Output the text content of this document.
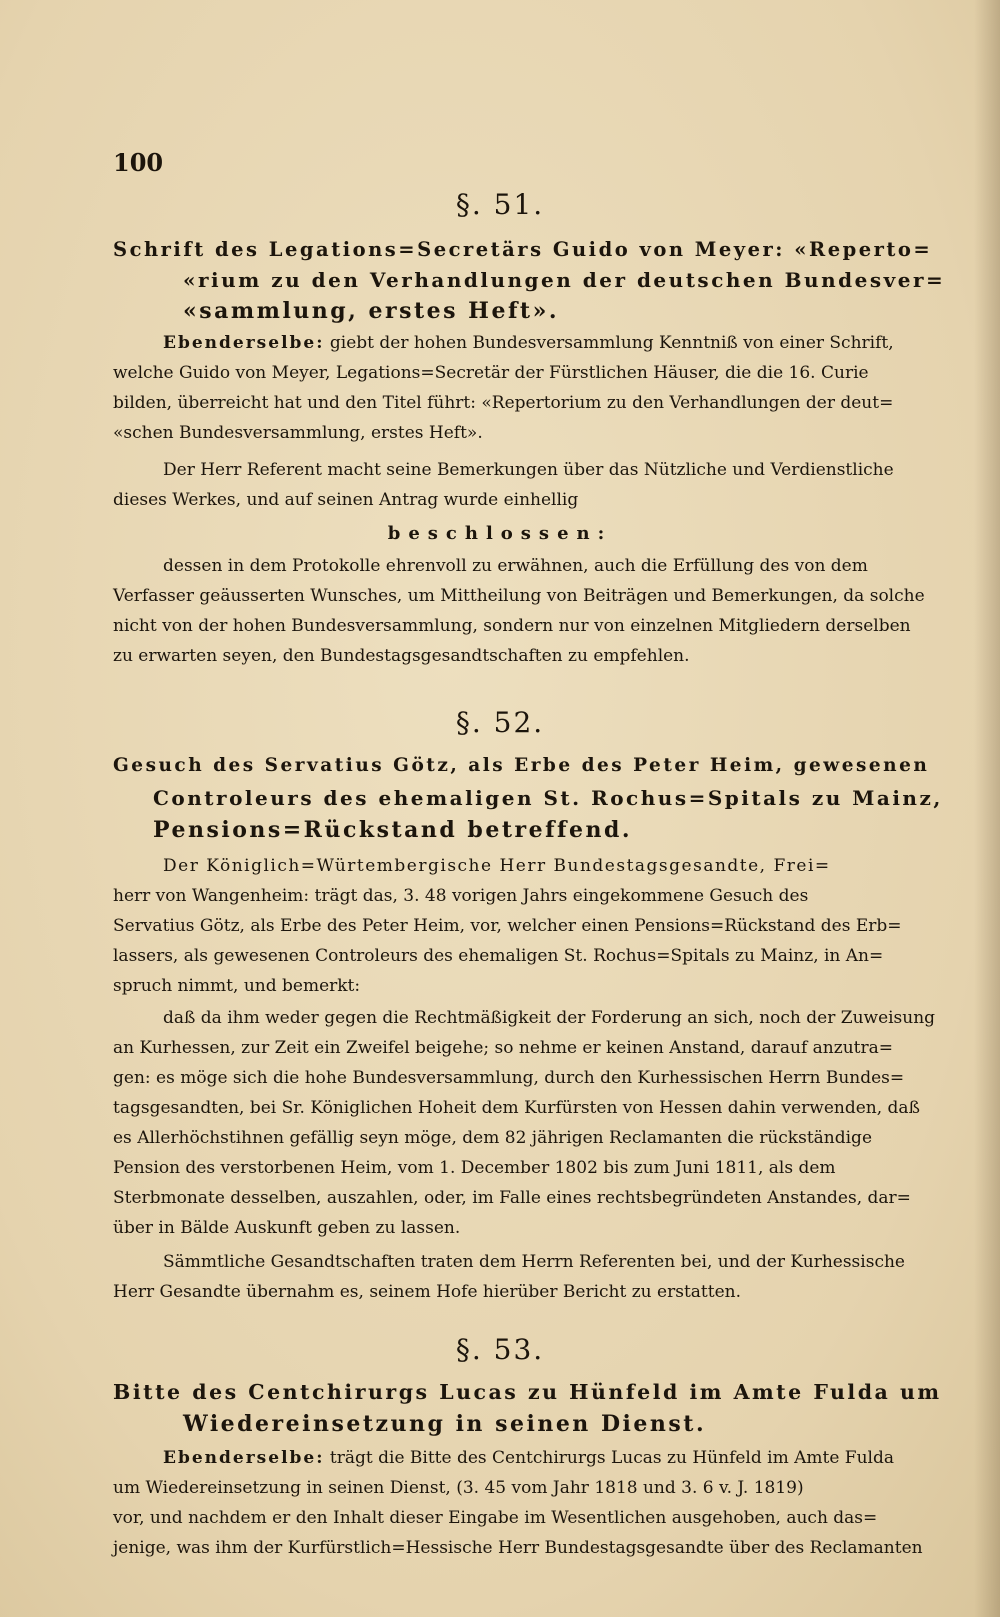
100
§. 51.
Schrift des Legations=Secretärs Guido von Meyer: «Reperto=
«rium zu den Verhandlungen der deutschen Bundesver=
«sammlung, erstes Heft».
Ebenderselbe: giebt der hohen Bundesversammlung Kenntniß von einer Schrift,
welche Guido von Meyer, Legations=Secretär der Fürstlichen Häuser, die die 16. Curie
bilden, überreicht hat und den Titel führt: «Repertorium zu den Verhandlungen der deut=
«schen Bundesversammlung, erstes Heft».
Der Herr Referent macht seine Bemerkungen über das Nützliche und Verdienstliche
dieses Werkes, und auf seinen Antrag wurde einhellig
beschlossen:
dessen in dem Protokolle ehrenvoll zu erwähnen, auch die Erfüllung des von dem
Verfasser geäusserten Wunsches, um Mittheilung von Beiträgen und Bemerkungen, da solche
nicht von der hohen Bundesversammlung, sondern nur von einzelnen Mitgliedern derselben
zu erwarten seyen, den Bundestagsgesandtschaften zu empfehlen.
§. 52.
Gesuch des Servatius Götz, als Erbe des Peter Heim, gewesenen
Controleurs des ehemaligen St. Rochus=Spitals zu Mainz,
Pensions=Rückstand betreffend.
Der Königlich=Würtembergische Herr Bundestagsgesandte, Frei=
herr von Wangenheim: trägt das, 3. 48 vorigen Jahrs eingekommene Gesuch des
Servatius Götz, als Erbe des Peter Heim, vor, welcher einen Pensions=Rückstand des Erb=
lassers, als gewesenen Controleurs des ehemaligen St. Rochus=Spitals zu Mainz, in An=
spruch nimmt, und bemerkt:
daß da ihm weder gegen die Rechtmäßigkeit der Forderung an sich, noch der Zuweisung
an Kurhessen, zur Zeit ein Zweifel beigehe; so nehme er keinen Anstand, darauf anzutra=
gen: es möge sich die hohe Bundesversammlung, durch den Kurhessischen Herrn Bundes=
tagsgesandten, bei Sr. Königlichen Hoheit dem Kurfürsten von Hessen dahin verwenden, daß
es Allerhöchstihnen gefällig seyn möge, dem 82 jährigen Reclamanten die rückständige
Pension des verstorbenen Heim, vom 1. December 1802 bis zum Juni 1811, als dem
Sterbmonate desselben, auszahlen, oder, im Falle eines rechtsbegründeten Anstandes, dar=
über in Bälde Auskunft geben zu lassen.
Sämmtliche Gesandtschaften traten dem Herrn Referenten bei, und der Kurhessische
Herr Gesandte übernahm es, seinem Hofe hierüber Bericht zu erstatten.
§. 53.
Bitte des Centchirurgs Lucas zu Hünfeld im Amte Fulda um
Wiedereinsetzung in seinen Dienst.
Ebenderselbe: trägt die Bitte des Centchirurgs Lucas zu Hünfeld im Amte Fulda
um Wiedereinsetzung in seinen Dienst, (3. 45 vom Jahr 1818 und 3. 6 v. J. 1819)
vor, und nachdem er den Inhalt dieser Eingabe im Wesentlichen ausgehoben, auch das=
jenige, was ihm der Kurfürstlich=Hessische Herr Bundestagsgesandte über des Reclamanten
